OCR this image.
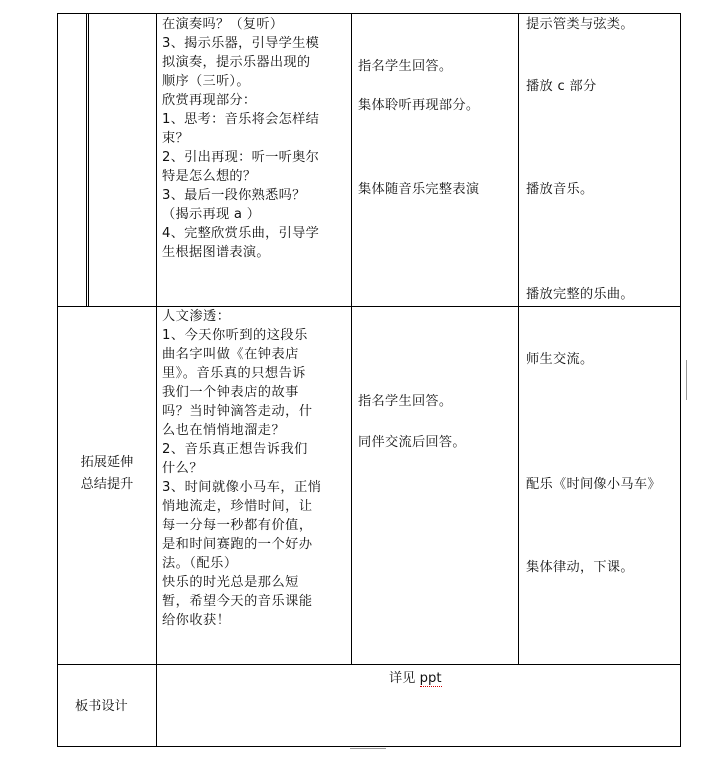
在演奏吗？（复听）
3、揭示乐器，引导学生模
拟演奏，提示乐器出现的
顺序（三听）。
欣赏再现部分：
1、思考：音乐将会怎样结
束？
2、引出再现：听一听奥尔
特是怎么想的？
3、最后一段你熟悉吗？
（揭示再现 a ）
4、完整欣赏乐曲，引导学
生根据图谱表演。
指名学生回答。
集体聆听再现部分。
集体随音乐完整表演
提示管类与弦类。
播放 c 部分
播放音乐。
播放完整的乐曲。
拓展延伸
总结提升
人文渗透：
1、今天你听到的这段乐
曲名字叫做《在钟表店
里》。音乐真的只想告诉
我们一个钟表店的故事
吗？当时钟滴答走动，什
么也在悄悄地溜走？
2、音乐真正想告诉我们
什么？
3、时间就像小马车，正悄
悄地流走，珍惜时间，让
每一分每一秒都有价值，
是和时间赛跑的一个好办
法。（配乐）
快乐的时光总是那么短
暂，希望今天的音乐课能
给你收获！
指名学生回答。
同伴交流后回答。
师生交流。
配乐《时间像小马车》
集体律动，下课。
板书设计
详见 ppt
